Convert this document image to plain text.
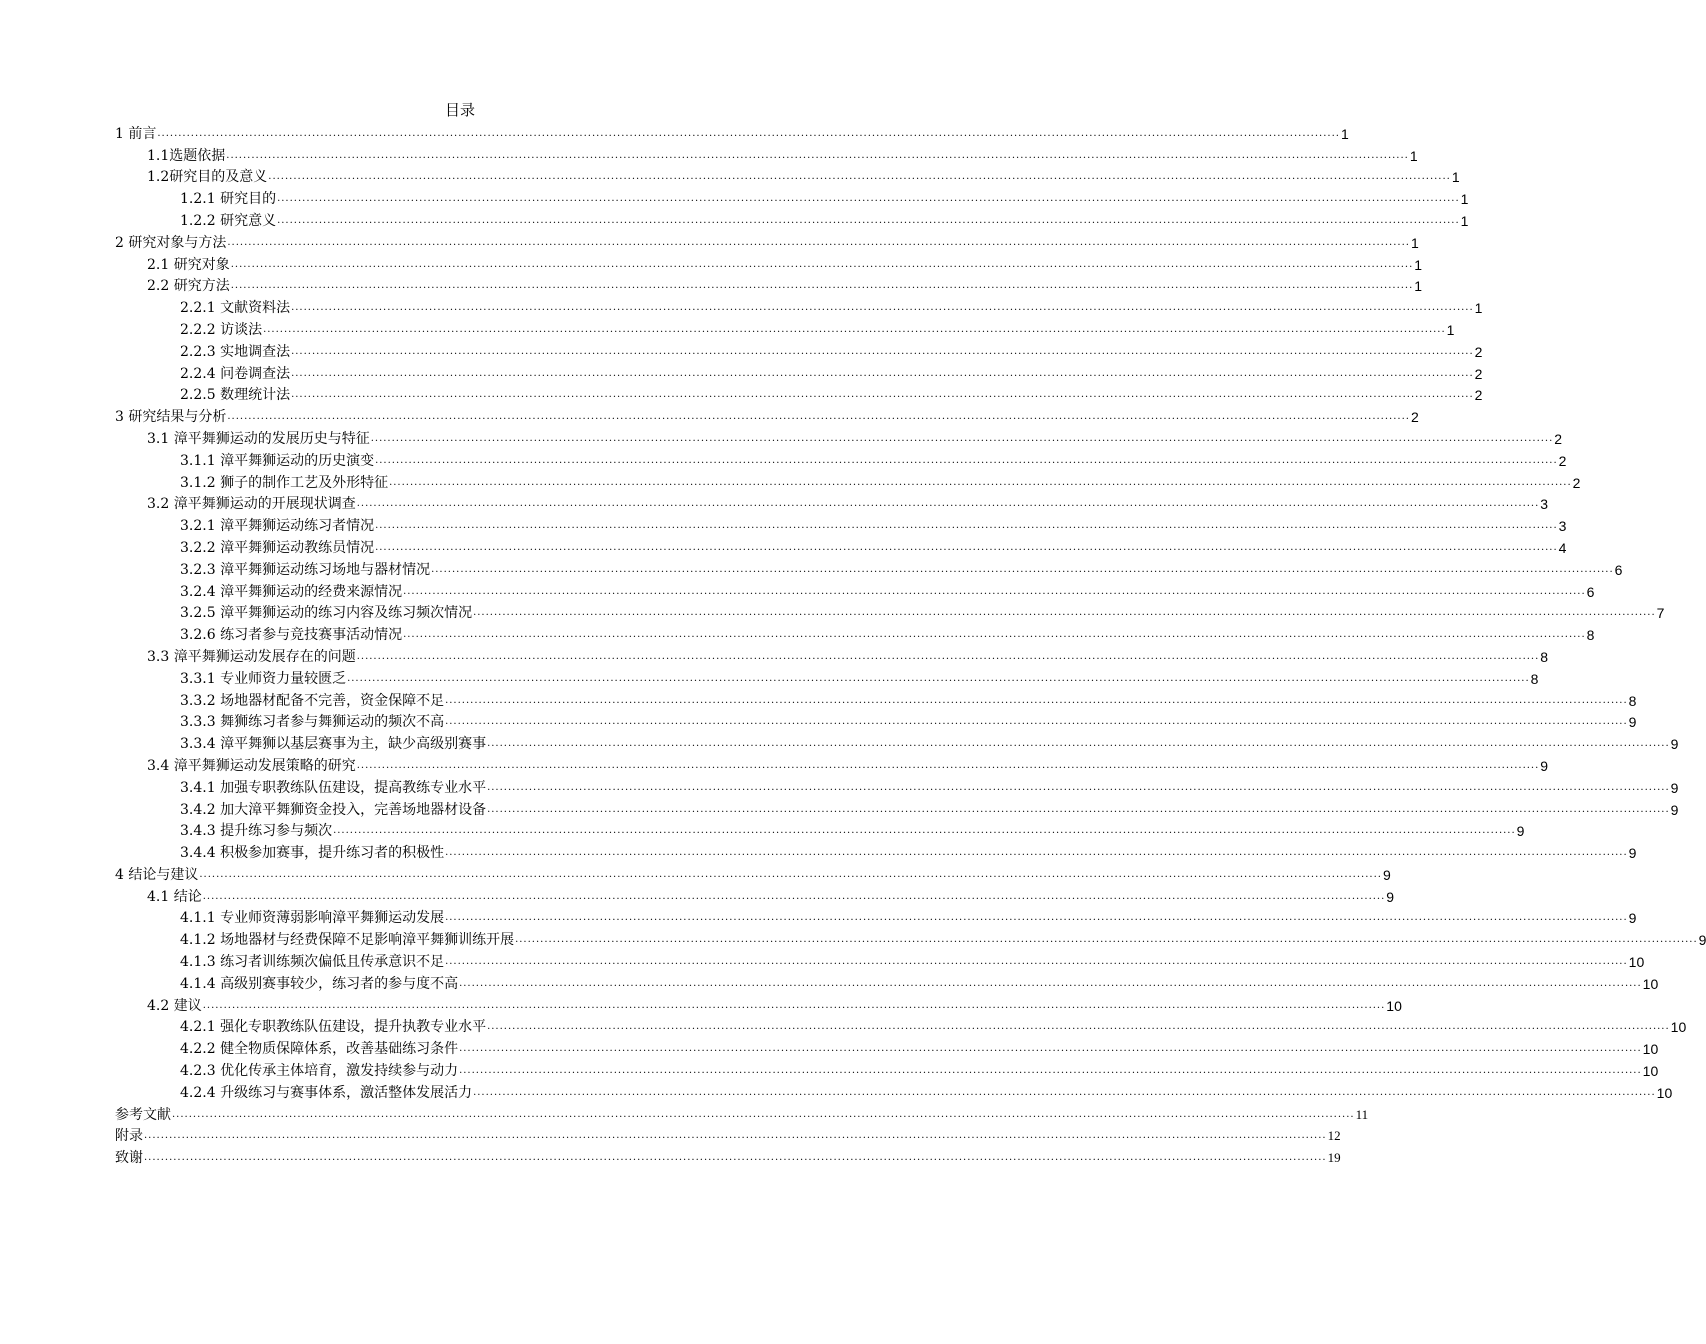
目录
1 前言 ........................................................................................................................................................................................................................................................................................... 1
1.1选题依据 ........................................................................................................................................................................................................................................................................................... 1
1.2研究目的及意义 ........................................................................................................................................................................................................................................................................................... 1
1.2.1 研究目的 ........................................................................................................................................................................................................................................................................................... 1
1.2.2 研究意义 ........................................................................................................................................................................................................................................................................................... 1
2 研究对象与方法 ........................................................................................................................................................................................................................................................................................... 1
2.1 研究对象 ........................................................................................................................................................................................................................................................................................... 1
2.2 研究方法 ........................................................................................................................................................................................................................................................................................... 1
2.2.1 文献资料法 ........................................................................................................................................................................................................................................................................................... 1
2.2.2 访谈法 ........................................................................................................................................................................................................................................................................................... 1
2.2.3 实地调查法 ........................................................................................................................................................................................................................................................................................... 2
2.2.4 问卷调查法 ........................................................................................................................................................................................................................................................................................... 2
2.2.5 数理统计法 ........................................................................................................................................................................................................................................................................................... 2
3 研究结果与分析 ........................................................................................................................................................................................................................................................................................... 2
3.1 漳平舞狮运动的发展历史与特征 ........................................................................................................................................................................................................................................................................................... 2
3.1.1 漳平舞狮运动的历史演变 ........................................................................................................................................................................................................................................................................................... 2
3.1.2 狮子的制作工艺及外形特征 ........................................................................................................................................................................................................................................................................................... 2
3.2 漳平舞狮运动的开展现状调查 ........................................................................................................................................................................................................................................................................................... 3
3.2.1 漳平舞狮运动练习者情况 ........................................................................................................................................................................................................................................................................................... 3
3.2.2 漳平舞狮运动教练员情况 ........................................................................................................................................................................................................................................................................................... 4
3.2.3 漳平舞狮运动练习场地与器材情况 ........................................................................................................................................................................................................................................................................................... 6
3.2.4 漳平舞狮运动的经费来源情况 ........................................................................................................................................................................................................................................................................................... 6
3.2.5 漳平舞狮运动的练习内容及练习频次情况 ........................................................................................................................................................................................................................................................................................... 7
3.2.6 练习者参与竞技赛事活动情况 ........................................................................................................................................................................................................................................................................................... 8
3.3 漳平舞狮运动发展存在的问题 ........................................................................................................................................................................................................................................................................................... 8
3.3.1 专业师资力量较匮乏 ........................................................................................................................................................................................................................................................................................... 8
3.3.2 场地器材配备不完善，资金保障不足 ........................................................................................................................................................................................................................................................................................... 8
3.3.3 舞狮练习者参与舞狮运动的频次不高 ........................................................................................................................................................................................................................................................................................... 9
3.3.4 漳平舞狮以基层赛事为主，缺少高级别赛事 ........................................................................................................................................................................................................................................................................................... 9
3.4 漳平舞狮运动发展策略的研究 ........................................................................................................................................................................................................................................................................................... 9
3.4.1 加强专职教练队伍建设，提高教练专业水平 ........................................................................................................................................................................................................................................................................................... 9
3.4.2 加大漳平舞狮资金投入，完善场地器材设备 ........................................................................................................................................................................................................................................................................................... 9
3.4.3 提升练习参与频次 ........................................................................................................................................................................................................................................................................................... 9
3.4.4 积极参加赛事，提升练习者的积极性 ........................................................................................................................................................................................................................................................................................... 9
4 结论与建议 ........................................................................................................................................................................................................................................................................................... 9
4.1 结论 ........................................................................................................................................................................................................................................................................................... 9
4.1.1 专业师资薄弱影响漳平舞狮运动发展 ........................................................................................................................................................................................................................................................................................... 9
4.1.2 场地器材与经费保障不足影响漳平舞狮训练开展 ........................................................................................................................................................................................................................................................................................... 9
4.1.3 练习者训练频次偏低且传承意识不足 ........................................................................................................................................................................................................................................................................................... 10
4.1.4 高级别赛事较少，练习者的参与度不高 ........................................................................................................................................................................................................................................................................................... 10
4.2 建议 ........................................................................................................................................................................................................................................................................................... 10
4.2.1 强化专职教练队伍建设，提升执教专业水平 ........................................................................................................................................................................................................................................................................................... 10
4.2.2 健全物质保障体系，改善基础练习条件 ........................................................................................................................................................................................................................................................................................... 10
4.2.3 优化传承主体培育，激发持续参与动力 ........................................................................................................................................................................................................................................................................................... 10
4.2.4 升级练习与赛事体系，激活整体发展活力 ........................................................................................................................................................................................................................................................................................... 10
参考文献 ........................................................................................................................................................................................................................................................................................... 11
附录 ........................................................................................................................................................................................................................................................................................... 12
致谢 ........................................................................................................................................................................................................................................................................................... 19
